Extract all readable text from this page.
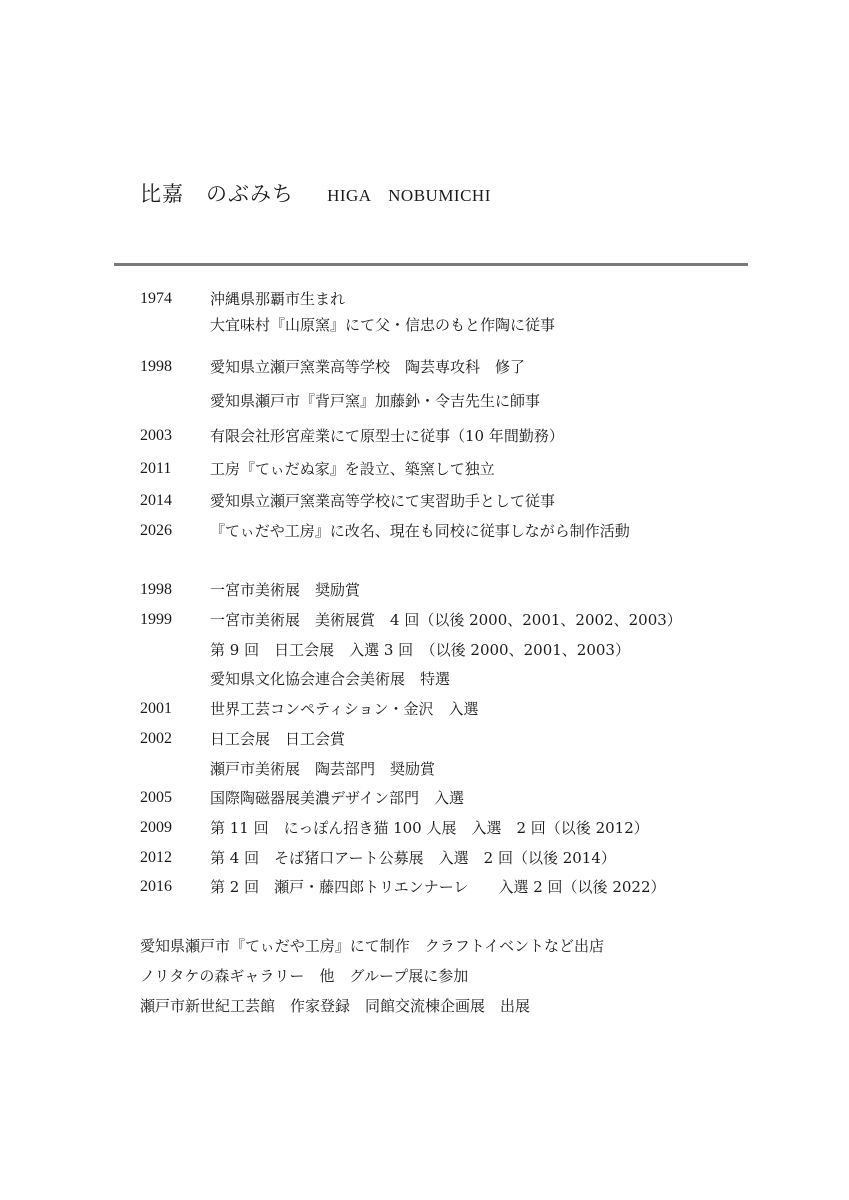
比嘉　のぶみち HIGA　NOBUMICHI
1974	沖縄県那覇市生まれ
大宜味村『山原窯』にて父・信忠のもと作陶に従事
1998	愛知県立瀬戸窯業高等学校　陶芸専攻科　修了
愛知県瀬戸市『背戸窯』加藤釥・令吉先生に師事
2003	有限会社形宮産業にて原型士に従事（10 年間勤務）
2011	工房『てぃだぬ家』を設立、築窯して独立
2014	愛知県立瀬戸窯業高等学校にて実習助手として従事
2026	『てぃだや工房』に改名、現在も同校に従事しながら制作活動
1998	一宮市美術展　奨励賞
1999	一宮市美術展　美術展賞　4 回（以後 2000、2001、2002、2003）
第 9 回　日工会展　入選 3 回　（以後 2000、2001、2003）
愛知県文化協会連合会美術展　特選
2001	世界工芸コンペティション・金沢　入選
2002	日工会展　日工会賞
瀬戸市美術展　陶芸部門　奨励賞
2005	国際陶磁器展美濃デザイン部門　入選
2009	第 11 回　にっぽん招き猫 100 人展　入選　2 回（以後 2012）
2012	第 4 回　そば猪口アート公募展　入選　2 回（以後 2014）
2016	第 2 回　瀬戸・藤四郎トリエンナーレ　　入選 2 回（以後 2022）
愛知県瀬戸市『てぃだや工房』にて制作　クラフトイベントなど出店
ノリタケの森ギャラリー　他　グループ展に参加
瀬戸市新世紀工芸館　作家登録　同館交流棟企画展　出展
